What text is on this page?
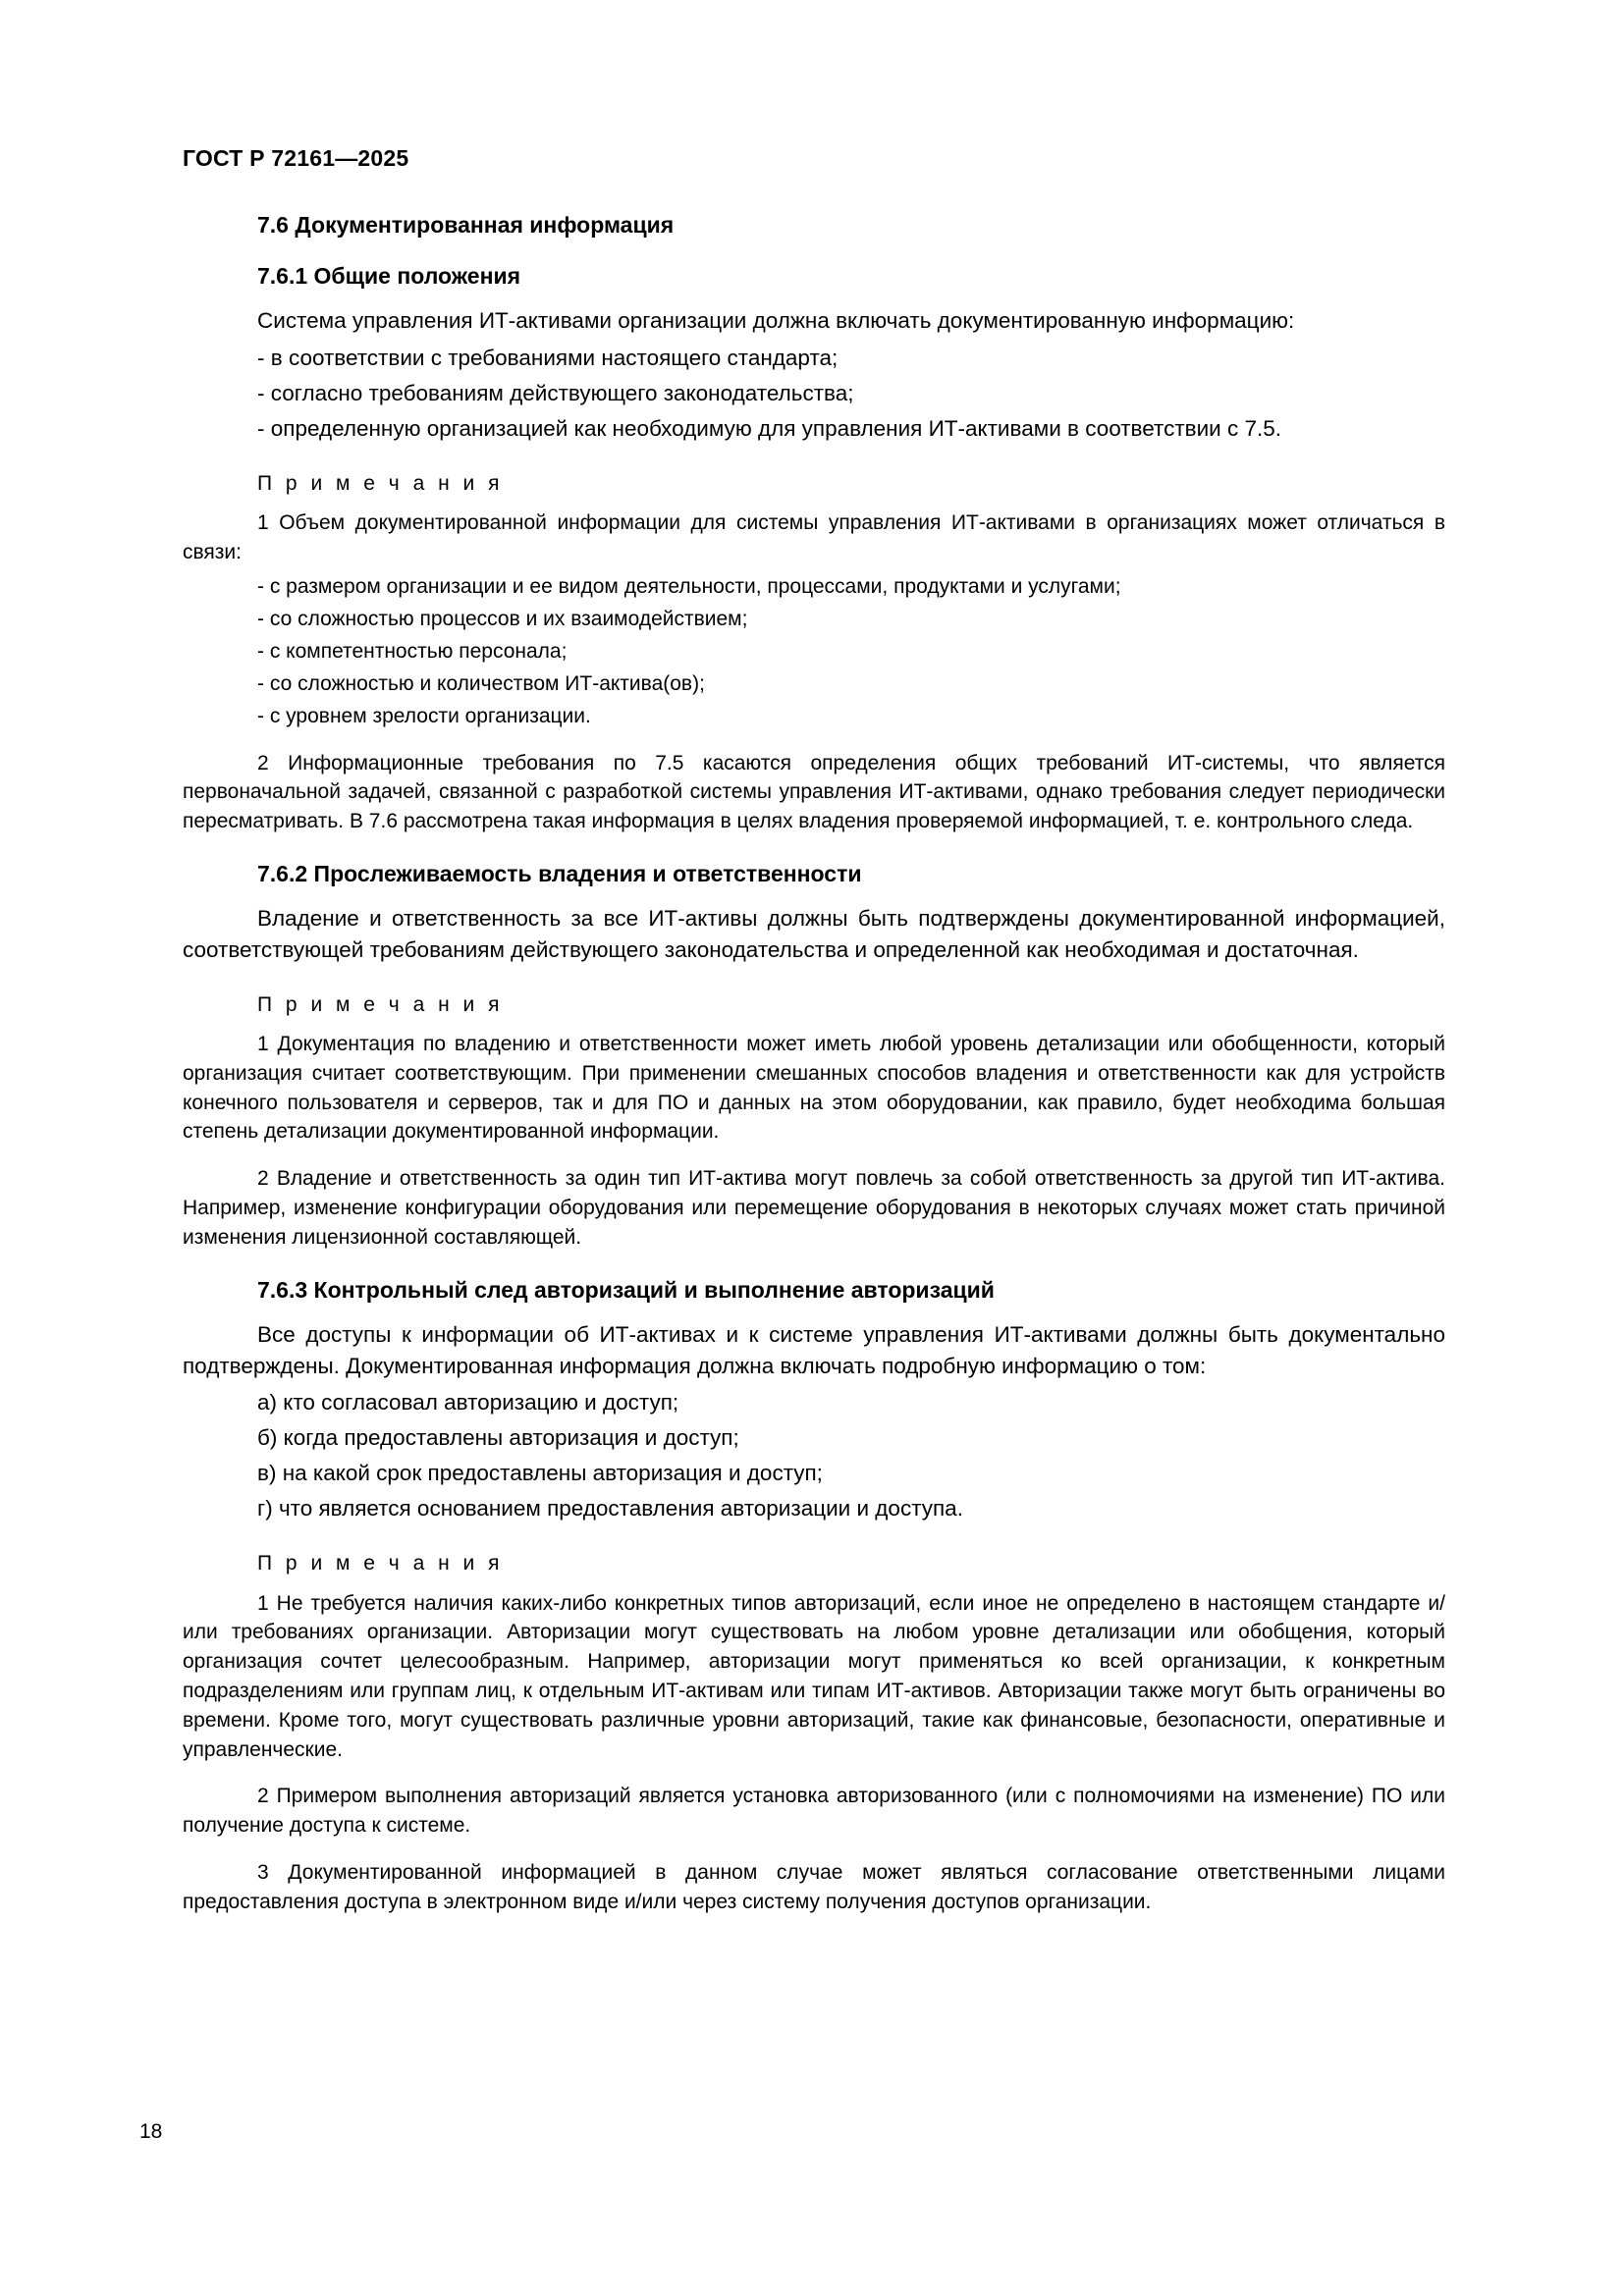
ГОСТ Р 72161—2025
7.6 Документированная информация
7.6.1 Общие положения

Система управления ИТ-активами организации должна включать документированную информацию:

- в соответствии с требованиями настоящего стандарта;

- согласно требованиям действующего законодательства;

- определенную организацией как необходимую для управления ИТ-активами в соответствии с 7.5.

П р и м е ч а н и я

1 Объем документированной информации для системы управления ИТ-активами в организациях может отличаться в связи:

- с размером организации и ее видом деятельности, процессами, продуктами и услугами;

- со сложностью процессов и их взаимодействием;

- с компетентностью персонала;

- со сложностью и количеством ИТ-актива(ов);

- с уровнем зрелости организации.

2 Информационные требования по 7.5 касаются определения общих требований ИТ-системы, что является первоначальной задачей, связанной с разработкой системы управления ИТ-активами, однако требования следует периодически пересматривать. В 7.6 рассмотрена такая информация в целях владения проверяемой информацией, т. е. контрольного следа.

7.6.2 Прослеживаемость владения и ответственности

Владение и ответственность за все ИТ-активы должны быть подтверждены документированной информацией, соответствующей требованиям действующего законодательства и определенной как необходимая и достаточная.

П р и м е ч а н и я

1 Документация по владению и ответственности может иметь любой уровень детализации или обобщенности, который организация считает соответствующим. При применении смешанных способов владения и ответственности как для устройств конечного пользователя и серверов, так и для ПО и данных на этом оборудовании, как правило, будет необходима большая степень детализации документированной информации.

2 Владение и ответственность за один тип ИТ-актива могут повлечь за собой ответственность за другой тип ИТ-актива. Например, изменение конфигурации оборудования или перемещение оборудования в некоторых случаях может стать причиной изменения лицензионной составляющей.

7.6.3 Контрольный след авторизаций и выполнение авторизаций

Все доступы к информации об ИТ-активах и к системе управления ИТ-активами должны быть документально подтверждены. Документированная информация должна включать подробную информацию о том:

а) кто согласовал авторизацию и доступ;

б) когда предоставлены авторизация и доступ;

в) на какой срок предоставлены авторизация и доступ;

г) что является основанием предоставления авторизации и доступа.

П р и м е ч а н и я

1 Не требуется наличия каких-либо конкретных типов авторизаций, если иное не определено в настоящем стандарте и/или требованиях организации. Авторизации могут существовать на любом уровне детализации или обобщения, который организация сочтет целесообразным. Например, авторизации могут применяться ко всей организации, к конкретным подразделениям или группам лиц, к отдельным ИТ-активам или типам ИТ-активов. Авторизации также могут быть ограничены во времени. Кроме того, могут существовать различные уровни авторизаций, такие как финансовые, безопасности, оперативные и управленческие.

2 Примером выполнения авторизаций является установка авторизованного (или с полномочиями на изменение) ПО или получение доступа к системе.

3 Документированной информацией в данном случае может являться согласование ответственными лицами предоставления доступа в электронном виде и/или через систему получения доступов организации.

18
